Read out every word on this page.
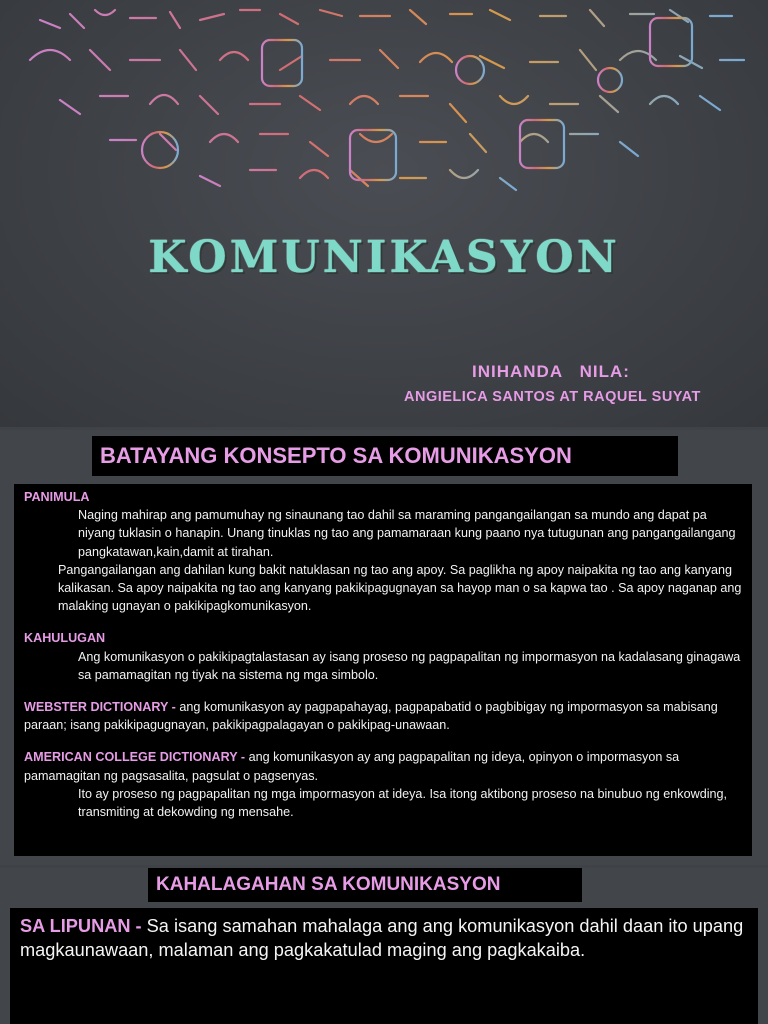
KOMUNIKASYON
INIHANDA   NILA:
ANGIELICA SANTOS AT RAQUEL SUYAT
BATAYANG KONSEPTO SA KOMUNIKASYON
PANIMULA

Naging mahirap ang pamumuhay ng sinaunang tao dahil sa maraming pangangailangan sa mundo ang dapat pa niyang tuklasin o hanapin. Unang tinuklas ng tao ang pamamaraan kung paano nya tutugunan ang pangangailangang pangkatawan,kain,damit at tirahan.

Pangangailangan ang dahilan kung bakit natuklasan ng tao ang apoy. Sa paglikha ng apoy naipakita ng tao ang kanyang kalikasan. Sa apoy naipakita ng tao ang kanyang pakikipagugnayan sa hayop man o sa kapwa tao . Sa apoy naganap ang malaking ugnayan o pakikipagkomunikasyon.

KAHULUGAN

Ang komunikasyon o pakikipagtalastasan ay isang proseso ng pagpapalitan ng impormasyon na kadalasang ginagawa sa pamamagitan ng tiyak na sistema ng mga simbolo.

WEBSTER DICTIONARY - ang komunikasyon ay pagpapahayag, pagpapabatid o pagbibigay ng impormasyon sa mabisang paraan; isang pakikipagugnayan, pakikipagpalagayan o pakikipag-unawaan.

AMERICAN COLLEGE DICTIONARY - ang komunikasyon ay ang pagpapalitan ng ideya, opinyon o impormasyon sa pamamagitan ng pagsasalita, pagsulat o pagsenyas.

Ito ay proseso ng pagpapalitan ng mga impormasyon at ideya. Isa itong aktibong proseso na binubuo ng enkowding, transmiting at dekowding ng mensahe.

KAHALAGAHAN SA KOMUNIKASYON
SA LIPUNAN - Sa isang samahan mahalaga ang ang komunikasyon dahil daan ito upang magkaunawaan, malaman ang pagkakatulad maging ang pagkakaiba.
